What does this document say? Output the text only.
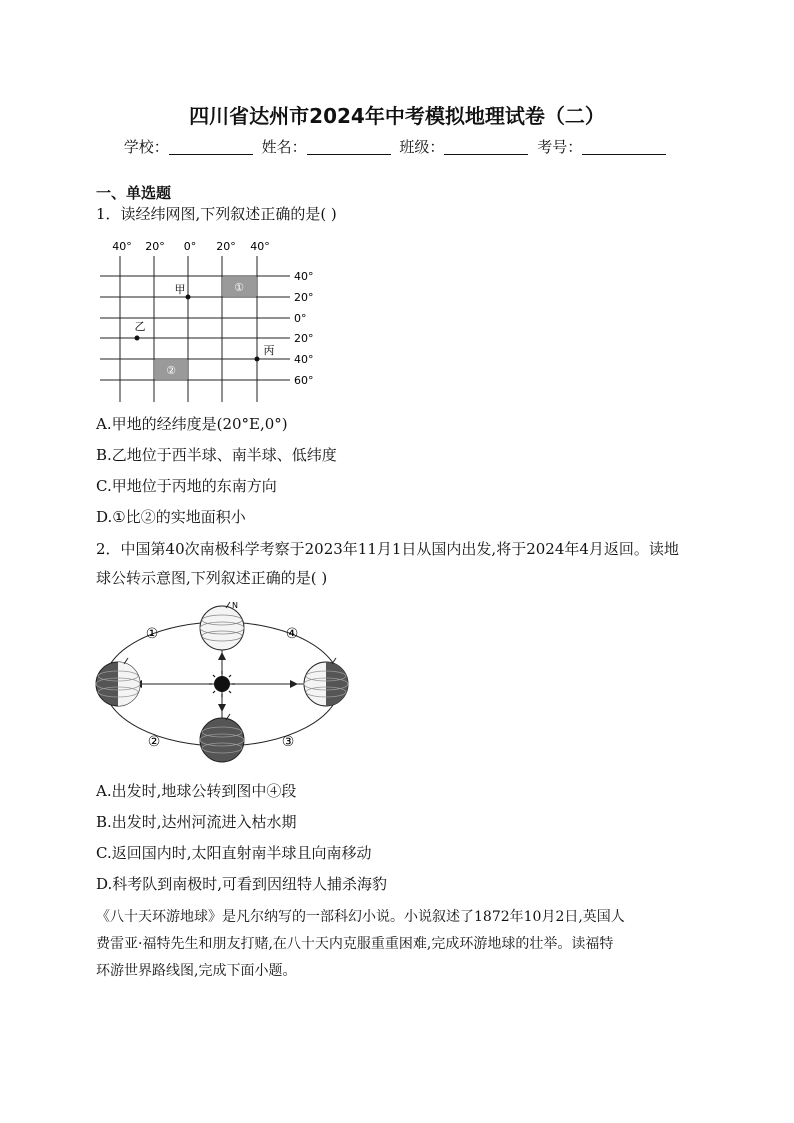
四川省达州市2024年中考模拟地理试卷（二）
学校：	姓名：	班级：	考号：
一、单选题
1．读经纬网图,下列叙述正确的是( )
40° 20° 0° 20° 40°
①
②
甲
乙
丙
40°
20°
0°
20°
40°
60°
A.甲地的经纬度是(20°E,0°)
B.乙地位于西半球、南半球、低纬度
C.甲地位于丙地的东南方向
D.①比②的实地面积小
2．中国第40次南极科学考察于2023年11月1日从国内出发,将于2024年4月返回。读地
球公转示意图,下列叙述正确的是( )
N
①
②	③
④
A.出发时,地球公转到图中④段
B.出发时,达州河流进入枯水期
C.返回国内时,太阳直射南半球且向南移动
D.科考队到南极时,可看到因纽特人捕杀海豹
《八十天环游地球》是凡尔纳写的一部科幻小说。小说叙述了1872年10月2日,英国人
费雷亚·福特先生和朋友打赌,在八十天内克服重重困难,完成环游地球的壮举。读福特
环游世界路线图,完成下面小题。
